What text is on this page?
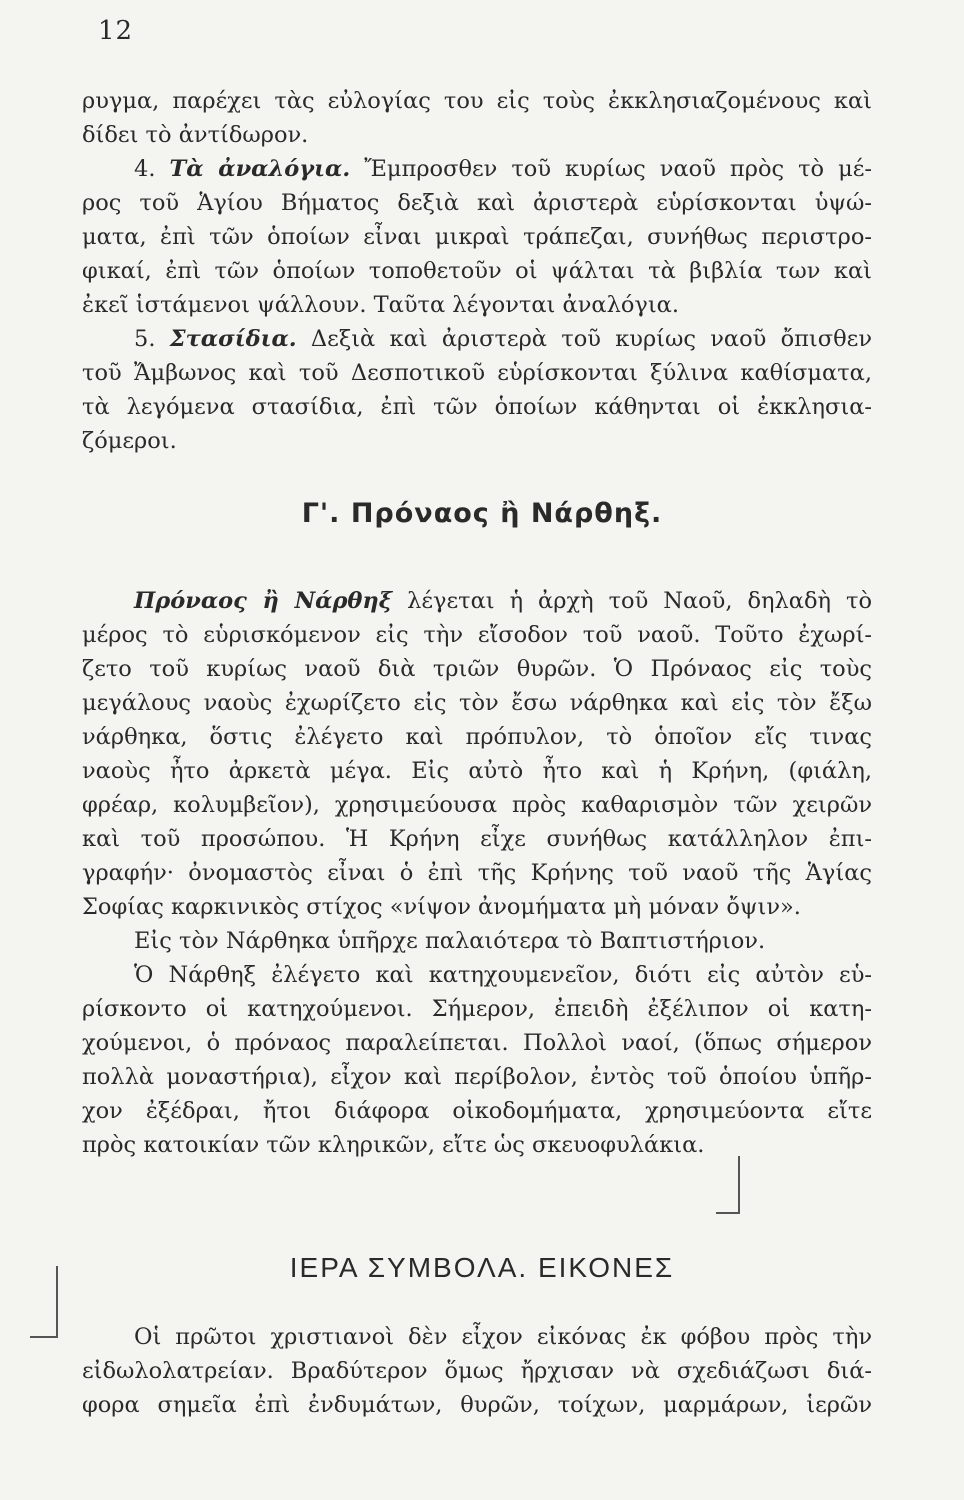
12
ρυγμα, παρέχει τὰς εὐλογίας του εἰς τοὺς ἐκκλησιαζομένους καὶ
δίδει τὸ ἀντίδωρον.
4. Τὰ ἀναλόγια. Ἔμπροσθεν τοῦ κυρίως ναοῦ πρὸς τὸ μέ-
ρος τοῦ Ἁγίου Βήματος δεξιὰ καὶ ἀριστερὰ εὑρίσκονται ὑψώ-
ματα, ἐπὶ τῶν ὁποίων εἶναι μικραὶ τράπεζαι, συνήθως περιστρο-
φικαί, ἐπὶ τῶν ὁποίων τοποθετοῦν οἱ ψάλται τὰ βιβλία των καὶ
ἐκεῖ ἱστάμενοι ψάλλουν. Ταῦτα λέγονται ἀναλόγια.
5. Στασίδια. Δεξιὰ καὶ ἀριστερὰ τοῦ κυρίως ναοῦ ὄπισθεν
τοῦ Ἄμβωνος καὶ τοῦ Δεσποτικοῦ εὑρίσκονται ξύλινα καθίσματα,
τὰ λεγόμενα στασίδια, ἐπὶ τῶν ὁποίων κάθηνται οἱ ἐκκλησια-
ζόμεροι.
Γ'. Πρόναος ἢ Νάρθηξ.
Πρόναος ἢ Νάρθηξ λέγεται ἡ ἀρχὴ τοῦ Ναοῦ, δηλαδὴ τὸ
μέρος τὸ εὑρισκόμενον εἰς τὴν εἴσοδον τοῦ ναοῦ. Τοῦτο ἐχωρί-
ζετο τοῦ κυρίως ναοῦ διὰ τριῶν θυρῶν. Ὁ Πρόναος εἰς τοὺς
μεγάλους ναοὺς ἐχωρίζετο εἰς τὸν ἔσω νάρθηκα καὶ εἰς τὸν ἔξω
νάρθηκα, ὅστις ἐλέγετο καὶ πρόπυλον, τὸ ὁποῖον εἴς τινας
ναοὺς ἦτο ἀρκετὰ μέγα. Εἰς αὐτὸ ἦτο καὶ ἡ Κρήνη, (φιάλη,
φρέαρ, κολυμβεῖον), χρησιμεύουσα πρὸς καθαρισμὸν τῶν χειρῶν
καὶ τοῦ προσώπου. Ἡ Κρήνη εἶχε συνήθως κατάλληλον ἐπι-
γραφήν· ὀνομαστὸς εἶναι ὁ ἐπὶ τῆς Κρήνης τοῦ ναοῦ τῆς Ἁγίας
Σοφίας καρκινικὸς στίχος «νίψον ἀνομήματα μὴ μόναν ὄψιν».
Εἰς τὸν Νάρθηκα ὑπῆρχε παλαιότερα τὸ Βαπτιστήριον.
Ὁ Νάρθηξ ἐλέγετο καὶ κατηχουμενεῖον, διότι εἰς αὐτὸν εὑ-
ρίσκοντο οἱ κατηχούμενοι. Σήμερον, ἐπειδὴ ἐξέλιπον οἱ κατη-
χούμενοι, ὁ πρόναος παραλείπεται. Πολλοὶ ναοί, (ὅπως σήμερον
πολλὰ μοναστήρια), εἶχον καὶ περίβολον, ἐντὸς τοῦ ὁποίου ὑπῆρ-
χον ἐξέδραι, ἤτοι διάφορα οἰκοδομήματα, χρησιμεύοντα εἴτε
πρὸς κατοικίαν τῶν κληρικῶν, εἴτε ὡς σκευοφυλάκια.
ΙΕΡΑ ΣΥΜΒΟΛΑ. ΕΙΚΟΝΕΣ
Οἱ πρῶτοι χριστιανοὶ δὲν εἶχον εἰκόνας ἐκ φόβου πρὸς τὴν
εἰδωλολατρείαν. Βραδύτερον ὅμως ἤρχισαν νὰ σχεδιάζωσι διά-
φορα σημεῖα ἐπὶ ἐνδυμάτων, θυρῶν, τοίχων, μαρμάρων, ἱερῶν
